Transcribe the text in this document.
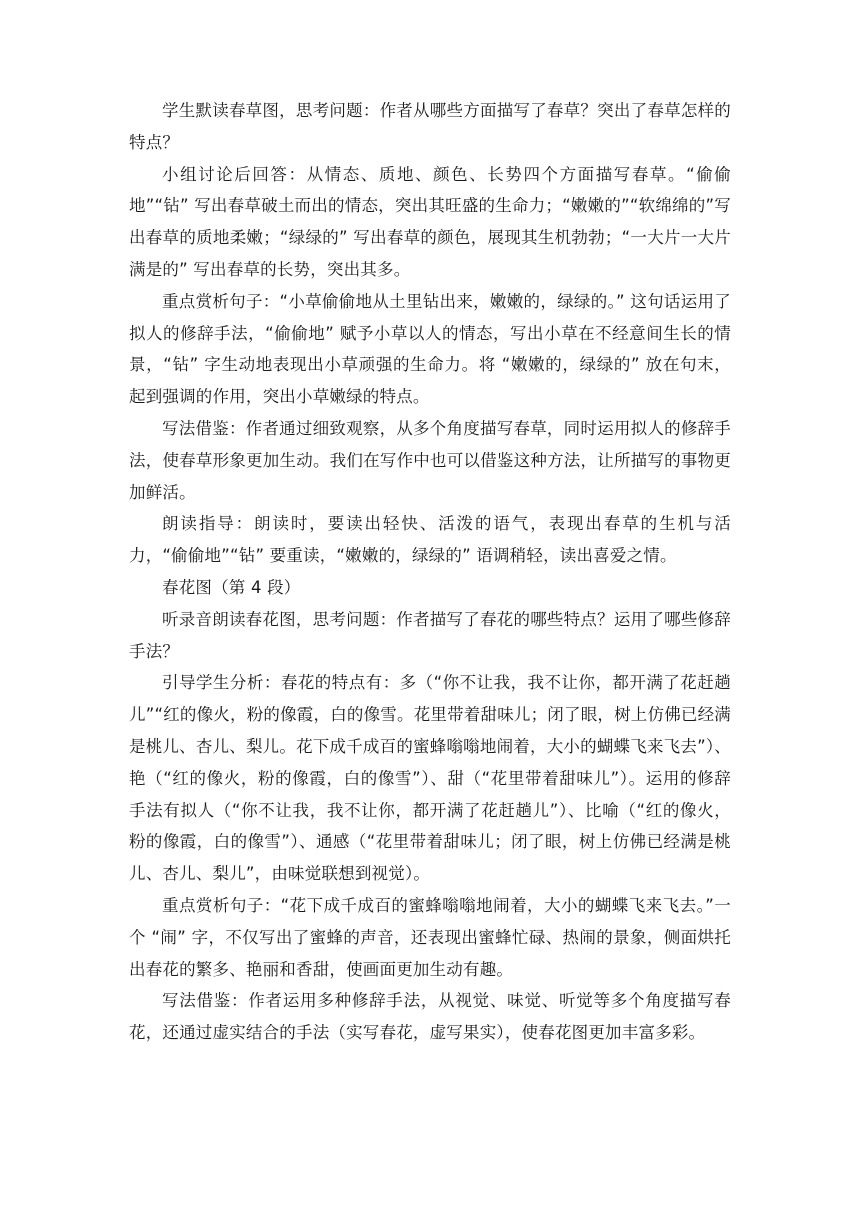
学生默读春草图，思考问题：作者从哪些方面描写了春草？突出了春草怎样的特点？

小组讨论后回答：从情态、质地、颜色、长势四个方面描写春草。“偷偷地”“钻” 写出春草破土而出的情态，突出其旺盛的生命力；“嫩嫩的”“软绵绵的”写出春草的质地柔嫩；“绿绿的” 写出春草的颜色，展现其生机勃勃；“一大片一大片满是的” 写出春草的长势，突出其多。

重点赏析句子：“小草偷偷地从土里钻出来，嫩嫩的，绿绿的。” 这句话运用了拟人的修辞手法，“偷偷地” 赋予小草以人的情态，写出小草在不经意间生长的情景，“钻” 字生动地表现出小草顽强的生命力。将 “嫩嫩的，绿绿的” 放在句末，起到强调的作用，突出小草嫩绿的特点。

写法借鉴：作者通过细致观察，从多个角度描写春草，同时运用拟人的修辞手法，使春草形象更加生动。我们在写作中也可以借鉴这种方法，让所描写的事物更加鲜活。

朗读指导：朗读时，要读出轻快、活泼的语气，表现出春草的生机与活力，“偷偷地”“钻” 要重读，“嫩嫩的，绿绿的” 语调稍轻，读出喜爱之情。

春花图（第 4 段）

听录音朗读春花图，思考问题：作者描写了春花的哪些特点？运用了哪些修辞手法？

引导学生分析：春花的特点有：多（“你不让我，我不让你，都开满了花赶趟儿”“红的像火，粉的像霞，白的像雪。花里带着甜味儿；闭了眼，树上仿佛已经满是桃儿、杏儿、梨儿。花下成千成百的蜜蜂嗡嗡地闹着，大小的蝴蝶飞来飞去”）、艳（“红的像火，粉的像霞，白的像雪”）、甜（“花里带着甜味儿”）。运用的修辞手法有拟人（“你不让我，我不让你，都开满了花赶趟儿”）、比喻（“红的像火，粉的像霞，白的像雪”）、通感（“花里带着甜味儿；闭了眼，树上仿佛已经满是桃儿、杏儿、梨儿”，由味觉联想到视觉）。

重点赏析句子：“花下成千成百的蜜蜂嗡嗡地闹着，大小的蝴蝶飞来飞去。”一个 “闹” 字，不仅写出了蜜蜂的声音，还表现出蜜蜂忙碌、热闹的景象，侧面烘托出春花的繁多、艳丽和香甜，使画面更加生动有趣。

写法借鉴：作者运用多种修辞手法，从视觉、味觉、听觉等多个角度描写春花，还通过虚实结合的手法（实写春花，虚写果实），使春花图更加丰富多彩。
